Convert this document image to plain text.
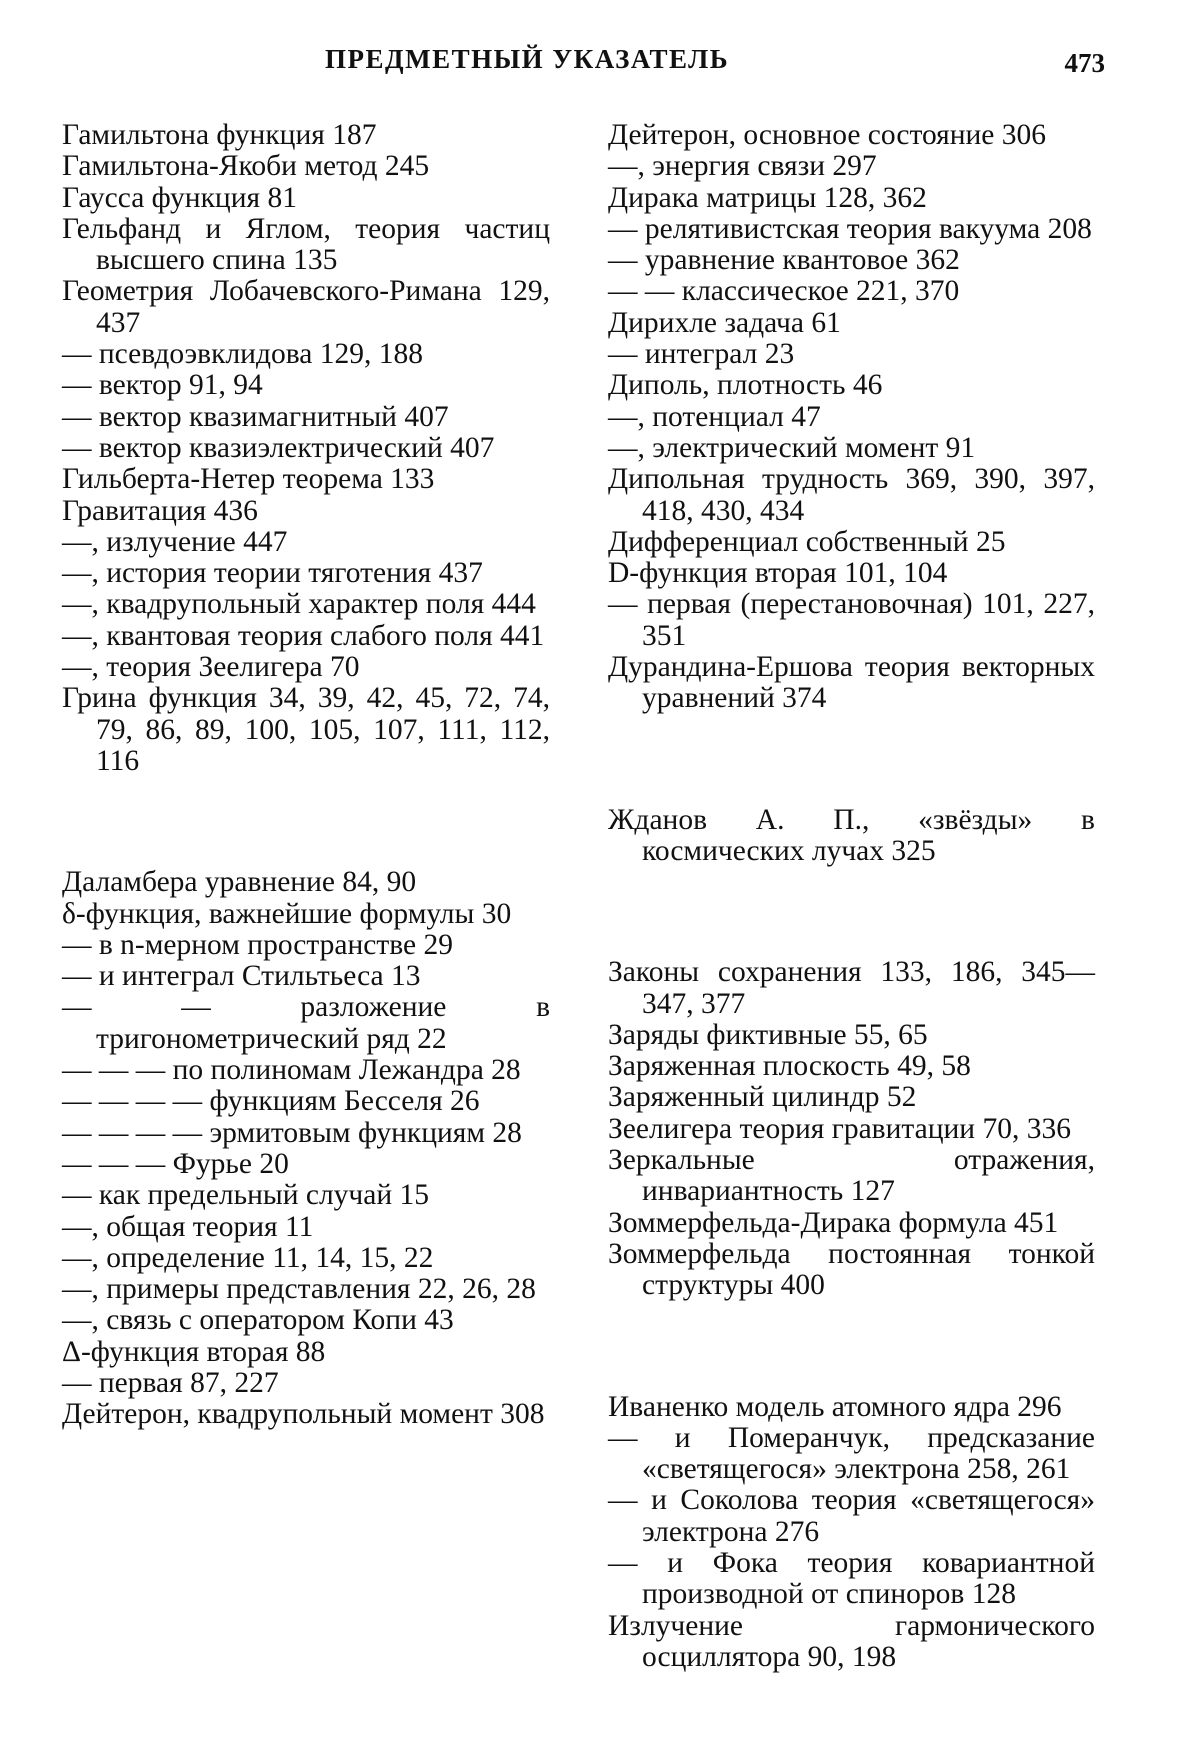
ПРЕДМЕТНЫЙ УКАЗАТЕЛЬ	473

Гамильтона функция 187

Гамильтона-Якоби метод 245

Гаусса функция 81

Гельфанд и Яглом, теория частиц высшего спина 135

Геометрия Лобачевского-Римана 129, 437

— псевдоэвклидова 129, 188

— вектор 91, 94

— вектор квазимагнитный 407

— вектор квазиэлектрический 407

Гильберта-Нетер теорема 133

Гравитация 436

—, излучение 447

—, история теории тяготения 437

—, квадрупольный характер поля 444

—, квантовая теория слабого поля 441

—, теория Зеелигера 70

Грина функция 34, 39, 42, 45, 72, 74, 79, 86, 89, 100, 105, 107, 111, 112, 116

Даламбера уравнение 84, 90

δ-функция, важнейшие формулы 30

— в n-мерном пространстве 29

— и интеграл Стильтьеса 13

— — разложение в тригонометрический ряд 22

— — — по полиномам Лежандра 28

— — — — функциям Бесселя 26

— — — — эрмитовым функциям 28

— — — Фурье 20

— как предельный случай 15

—, общая теория 11

—, определение 11, 14, 15, 22

—, примеры представления 22, 26, 28

—, связь с оператором Копи 43

Δ-функция вторая 88

— первая 87, 227

Дейтерон, квадрупольный момент 308

Дейтерон, основное состояние 306

—, энергия связи 297

Дирака матрицы 128, 362

— релятивистская теория вакуума 208

— уравнение квантовое 362

— — классическое 221, 370

Дирихле задача 61

— интеграл 23

Диполь, плотность 46

—, потенциал 47

—, электрический момент 91

Дипольная трудность 369, 390, 397, 418, 430, 434

Дифференциал собственный 25

D-функция вторая 101, 104

— первая (перестановочная) 101, 227, 351

Дурандина-Ершова теория векторных уравнений 374

Жданов А. П., «звёзды» в космических лучах 325

Законы сохранения 133, 186, 345—347, 377

Заряды фиктивные 55, 65

Заряженная плоскость 49, 58

Заряженный цилиндр 52

Зеелигера теория гравитации 70, 336

Зеркальные отражения, инвариантность 127

Зоммерфельда-Дирака формула 451

Зоммерфельда постоянная тонкой структуры 400

Иваненко модель атомного ядра 296

— и Померанчук, предсказание «светящегося» электрона 258, 261

— и Соколова теория «светящегося» электрона 276

— и Фока теория ковариантной производной от спиноров 128

Излучение гармонического осциллятора 90, 198
